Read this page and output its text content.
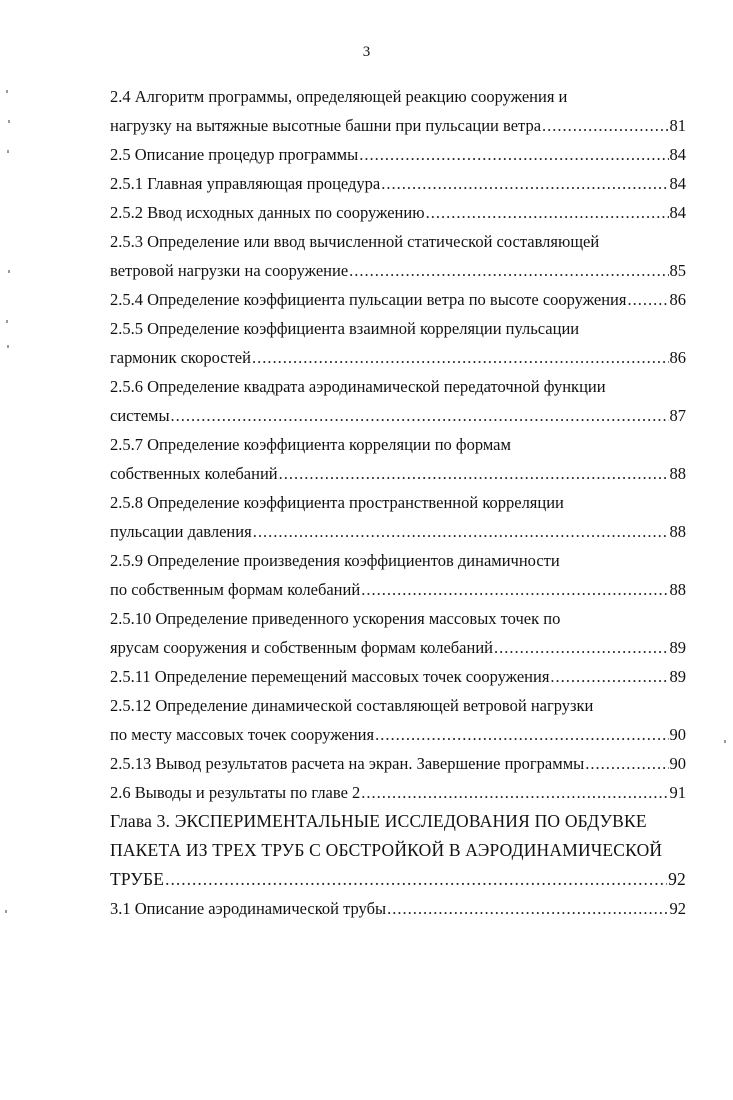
3
2.4 Алгоритм программы, определяющей реакцию сооружения и
нагрузку на вытяжные высотные башни при пульсации ветра .....	81
2.5 Описание процедур программы .....	84
2.5.1 Главная управляющая процедура .....	84
2.5.2 Ввод исходных данных по сооружению .....	84
2.5.3 Определение или ввод вычисленной статической составляющей
ветровой нагрузки на сооружение .....	85
2.5.4 Определение коэффициента пульсации ветра по высоте сооружения .....	86
2.5.5 Определение коэффициента взаимной корреляции пульсации
гармоник скоростей .....	86
2.5.6 Определение квадрата аэродинамической передаточной функции
системы .....	87
2.5.7 Определение коэффициента корреляции по формам
собственных колебаний .....	88
2.5.8 Определение коэффициента пространственной корреляции
пульсации давления .....	88
2.5.9 Определение произведения коэффициентов динамичности
по собственным формам колебаний .....	88
2.5.10 Определение приведенного ускорения массовых точек по
ярусам сооружения и собственным формам колебаний .....	89
2.5.11 Определение перемещений массовых точек сооружения .....	89
2.5.12 Определение динамической составляющей ветровой нагрузки
по месту массовых точек сооружения .....	90
2.5.13 Вывод результатов расчета на экран. Завершение программы .....	90
2.6 Выводы и результаты по главе 2 .....	91
Глава 3. ЭКСПЕРИМЕНТАЛЬНЫЕ ИССЛЕДОВАНИЯ ПО ОБДУВКЕ
ПАКЕТА ИЗ ТРЕХ ТРУБ С ОБСТРОЙКОЙ В АЭРОДИНАМИЧЕСКОЙ
ТРУБЕ .....	92
3.1 Описание аэродинамической трубы .....	92
